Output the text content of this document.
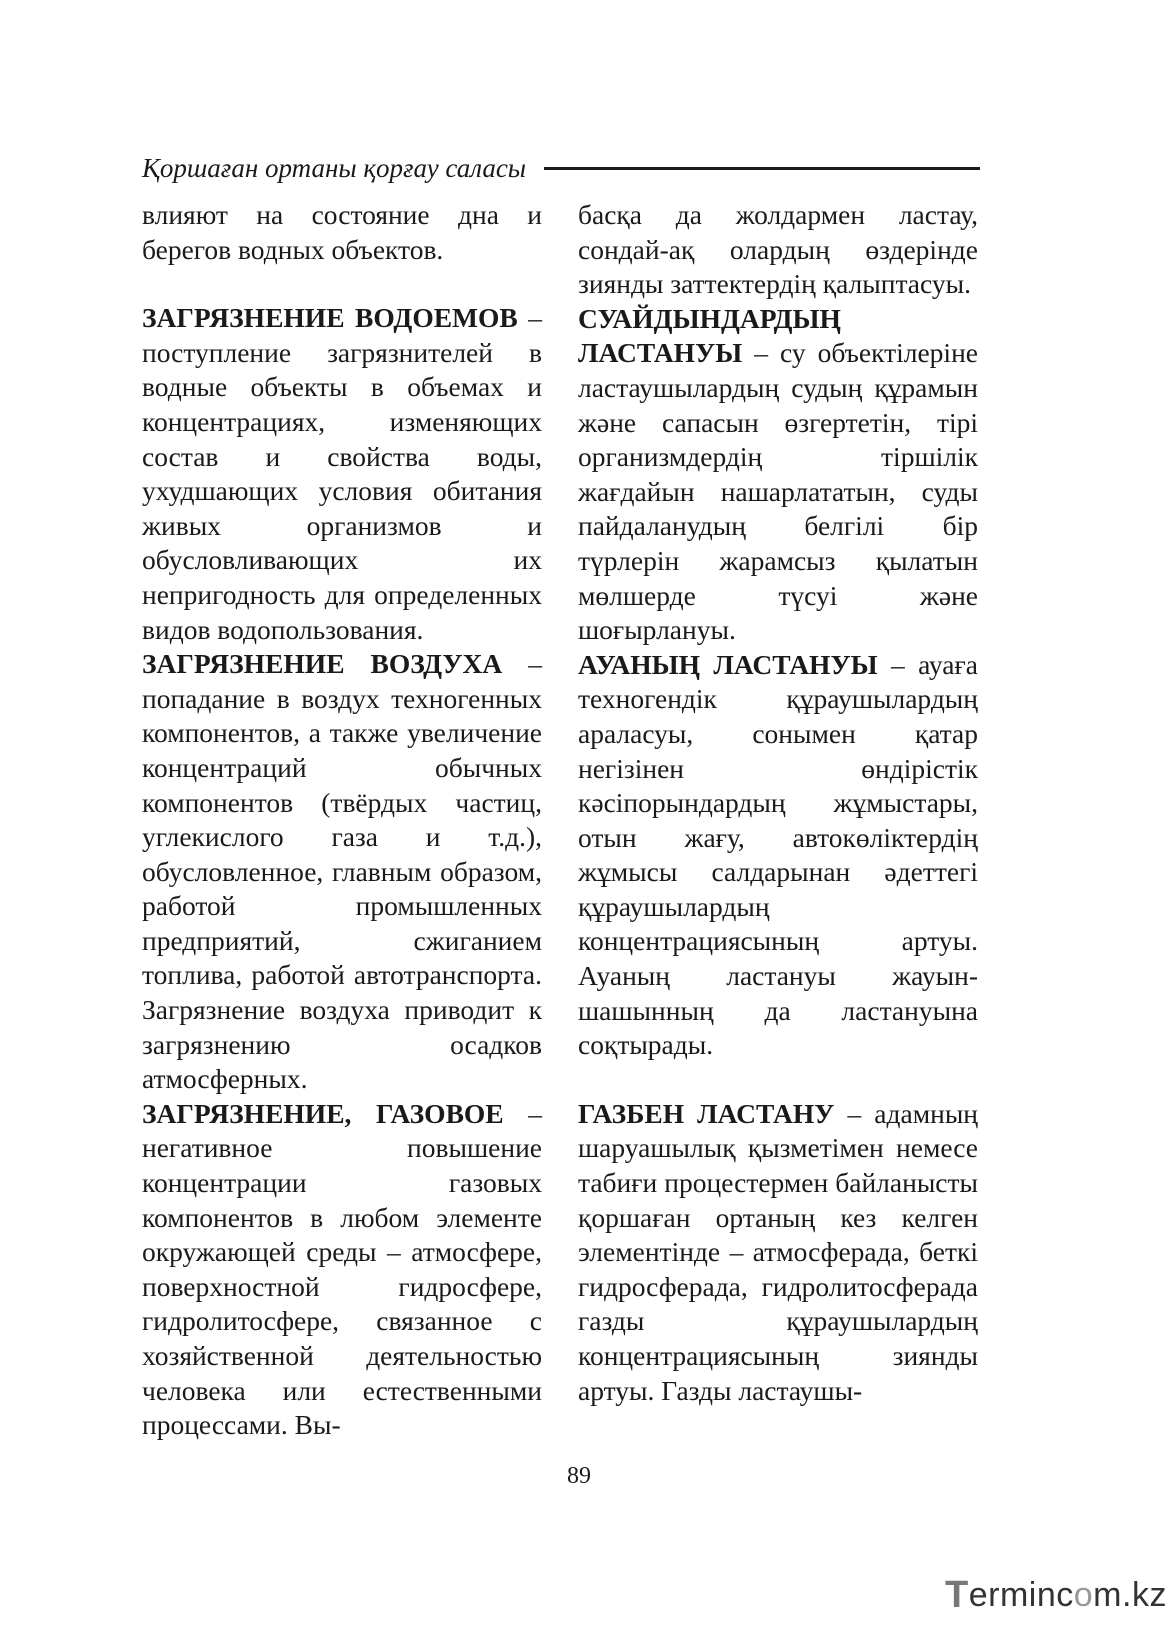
Қоршаған ортаны қорғау саласы

влияют на состояние дна и берегов водных объектов.

ЗАГРЯЗНЕНИЕ ВОДОЕМОВ – поступление загрязнителей в водные объекты в объемах и концентрациях, изменяющих состав и свойства воды, ухудшающих условия обитания живых организмов и обусловливающих их непригодность для определенных видов водопользования.

ЗАГРЯЗНЕНИЕ ВОЗДУХА – попадание в воздух техногенных компонентов, а также увеличение концентраций обычных компонентов (твёрдых частиц, углекислого газа и т.д.), обусловленное, главным образом, работой промышленных предприятий, сжиганием топлива, работой автотранспорта. Загрязнение воздуха приводит к загрязнению осадков атмосферных.

ЗАГРЯЗНЕНИЕ, ГАЗОВОЕ – негативное повышение концентрации газовых компонентов в любом элементе окружающей среды – атмосфере, поверхностной гидросфере, гидролитосфере, связанное с хозяйственной деятельностью человека или естественными процессами. Вы-

басқа да жолдармен ластау, сондай-ақ олардың өздерінде зиянды заттектердің қалыптасуы.

СУАЙДЫНДАРДЫҢ ЛАСТАНУЫ – су объектілеріне ластаушылардың судың құрамын және сапасын өзгертетін, тірі организмдердің тіршілік жағдайын нашарлататын, суды пайдаланудың белгілі бір түрлерін жарамсыз қылатын мөлшерде түсуі және шоғырлануы.

АУАНЫҢ ЛАСТАНУЫ – ауаға техногендік құраушылардың араласуы, сонымен қатар негізінен өндірістік кәсіпорындардың жұмыстары, отын жағу, автокөліктердің жұмысы салдарынан әдеттегі құраушылардың концентрациясының артуы. Ауаның ластануы жауын-шашынның да ластануына соқтырады.

ГАЗБЕН ЛАСТАНУ – адамның шаруашылық қызметімен немесе табиғи процестермен байланысты қоршаған ортаның кез келген элементінде – атмосферада, беткі гидросферада, гидролитосферада газды құраушылардың концентрациясының зиянды артуы. Газды ластаушы-

89
T erminc o m.kz
